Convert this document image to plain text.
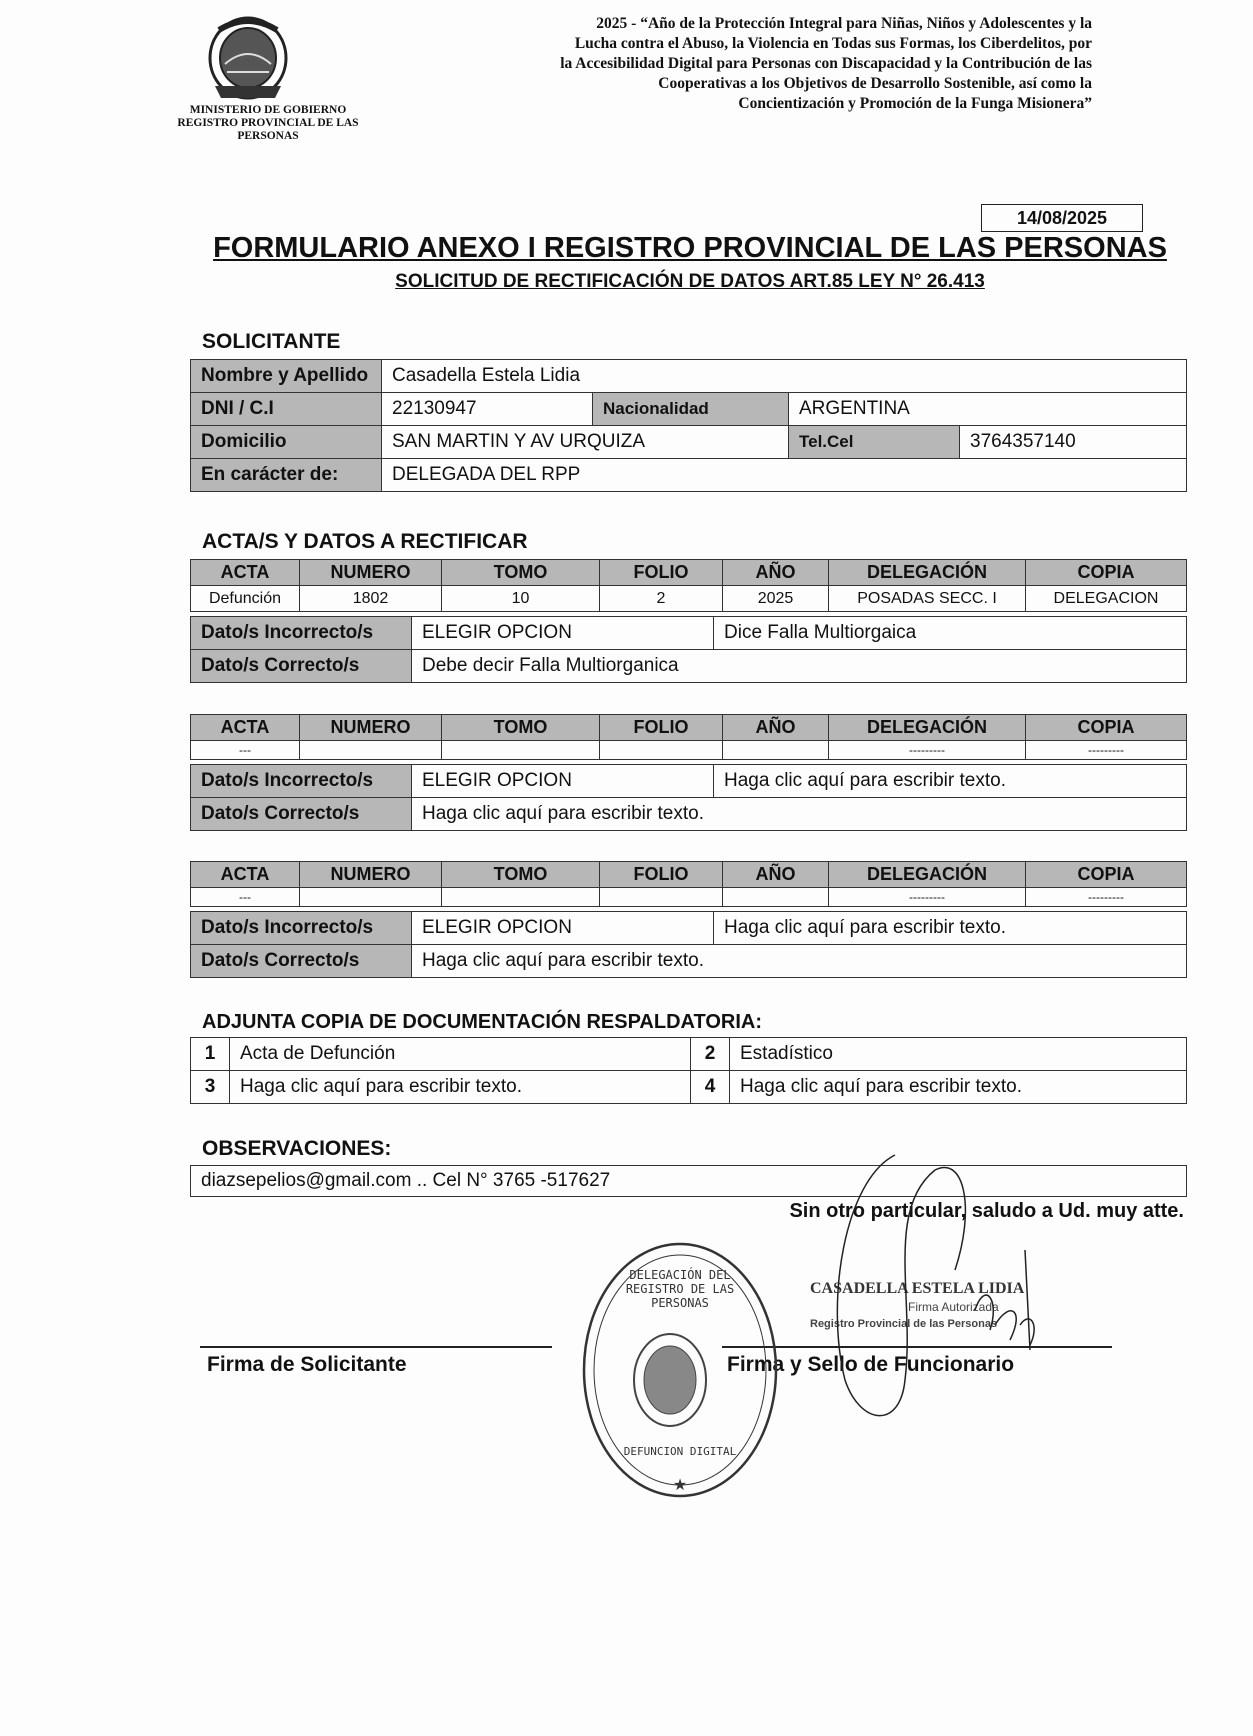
MINISTERIO DE GOBIERNO REGISTRO PROVINCIAL DE LAS PERSONAS
2025 - “Año de la Protección Integral para Niñas, Niños y Adolescentes y la Lucha contra el Abuso, la Violencia en Todas sus Formas, los Ciberdelitos, por la Accesibilidad Digital para Personas con Discapacidad y la Contribución de las Cooperativas a los Objetivos de Desarrollo Sostenible, así como la Concientización y Promoción de la Funga Misionera”
14/08/2025
FORMULARIO ANEXO I REGISTRO PROVINCIAL DE LAS PERSONAS
SOLICITUD DE RECTIFICACIÓN DE DATOS ART.85 LEY N° 26.413
SOLICITANTE
Nombre y Apellido	Casadella Estela Lidia			
DNI / C.I	22130947	Nacionalidad	ARGENTINA	
Domicilio	SAN MARTIN Y AV URQUIZA		Tel.Cel	3764357140
En carácter de:	DELEGADA DEL RPP			
ACTA/S Y DATOS A RECTIFICAR
ACTA	NUMERO	TOMO	FOLIO	AÑO	DELEGACIÓN	COPIA
Defunción	1802	10	2	2025	POSADAS SECC. I	DELEGACION
Dato/s Incorrecto/s	ELEGIR OPCION	Dice Falla Multiorgaica
Dato/s Correcto/s	Debe decir Falla Multiorganica	
ACTA	NUMERO	TOMO	FOLIO	AÑO	DELEGACIÓN	COPIA
---					---------	---------
Dato/s Incorrecto/s	ELEGIR OPCION	Haga clic aquí para escribir texto.
Dato/s Correcto/s	Haga clic aquí para escribir texto.	
ACTA	NUMERO	TOMO	FOLIO	AÑO	DELEGACIÓN	COPIA
---					---------	---------
Dato/s Incorrecto/s	ELEGIR OPCION	Haga clic aquí para escribir texto.
Dato/s Correcto/s	Haga clic aquí para escribir texto.	
ADJUNTA COPIA DE DOCUMENTACIÓN RESPALDATORIA:
1	Acta de Defunción	2	Estadístico
3	Haga clic aquí para escribir texto.	4	Haga clic aquí para escribir texto.
OBSERVACIONES:
diazsepelios@gmail.com .. Cel N° 3765 -517627
Sin otro particular, saludo a Ud. muy atte.
Firma de Solicitante	Firma y Sello de Funcionario
★
DELEGACIÓN DEL REGISTRO DE LAS PERSONAS
DEFUNCION DIGITAL
CASADELLA ESTELA LIDIA
Firma Autorizada
Registro Provincial de las Personas
